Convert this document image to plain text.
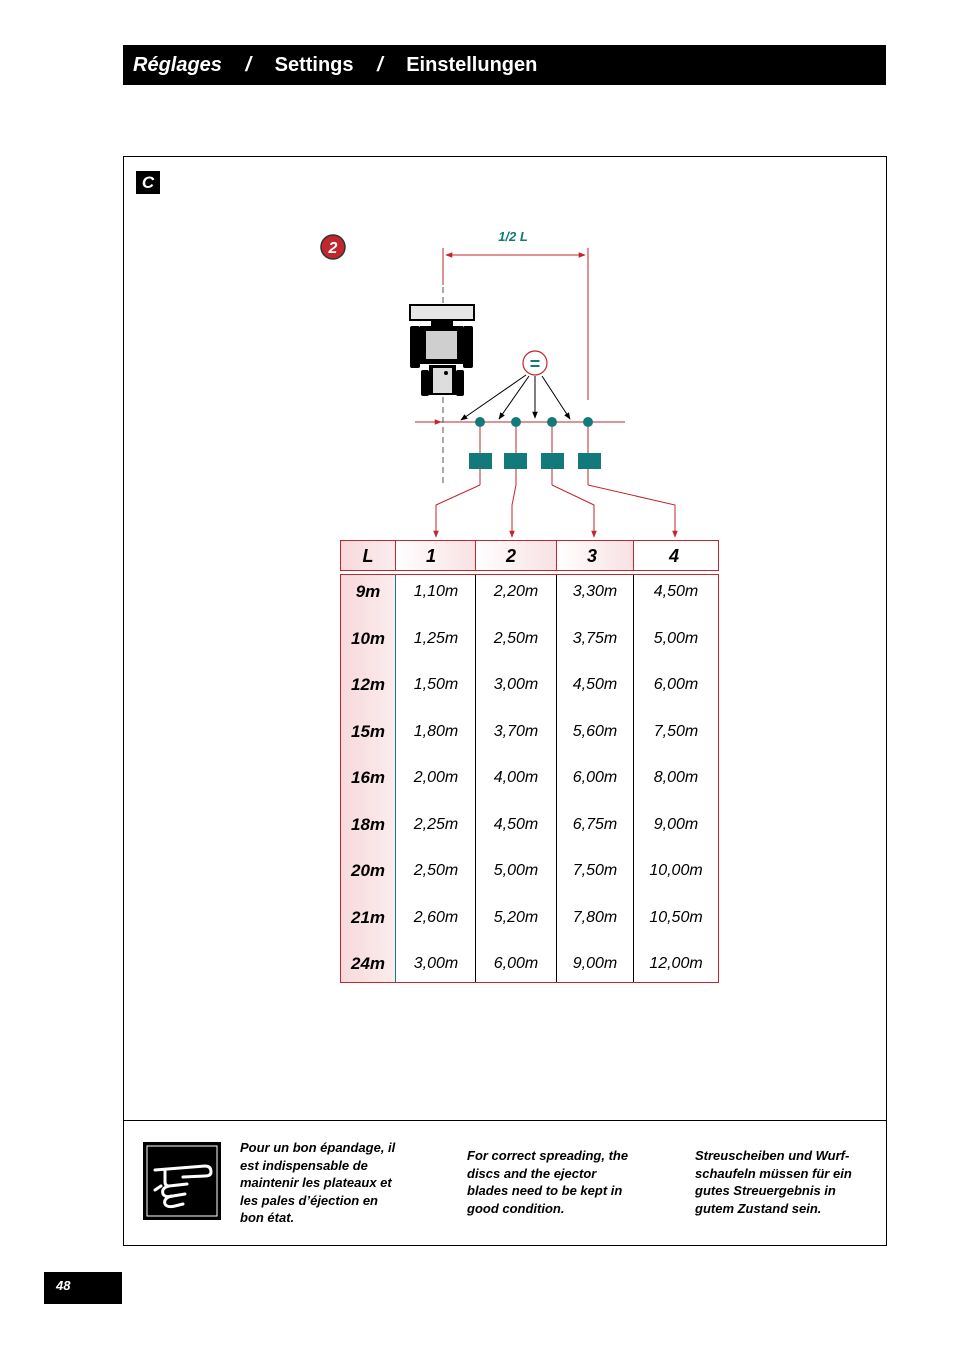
Réglages / Settings / Einstellungen
C
2
1/2 L
=
L	1	2	3	4
9m	1,10m	2,20m	3,30m	4,50m
10m	1,25m	2,50m	3,75m	5,00m
12m	1,50m	3,00m	4,50m	6,00m
15m	1,80m	3,70m	5,60m	7,50m
16m	2,00m	4,00m	6,00m	8,00m
18m	2,25m	4,50m	6,75m	9,00m
20m	2,50m	5,00m	7,50m	10,00m
21m	2,60m	5,20m	7,80m	10,50m
24m	3,00m	6,00m	9,00m	12,00m
Pour un bon épandage, il
est indispensable de
maintenir les plateaux et
les pales d’éjection en
bon état.
For correct spreading, the
discs and the ejector
blades need to be kept in
good condition.
Streuscheiben und Wurf-
schaufeln müssen für ein
gutes Streuergebnis in
gutem Zustand sein.
48
